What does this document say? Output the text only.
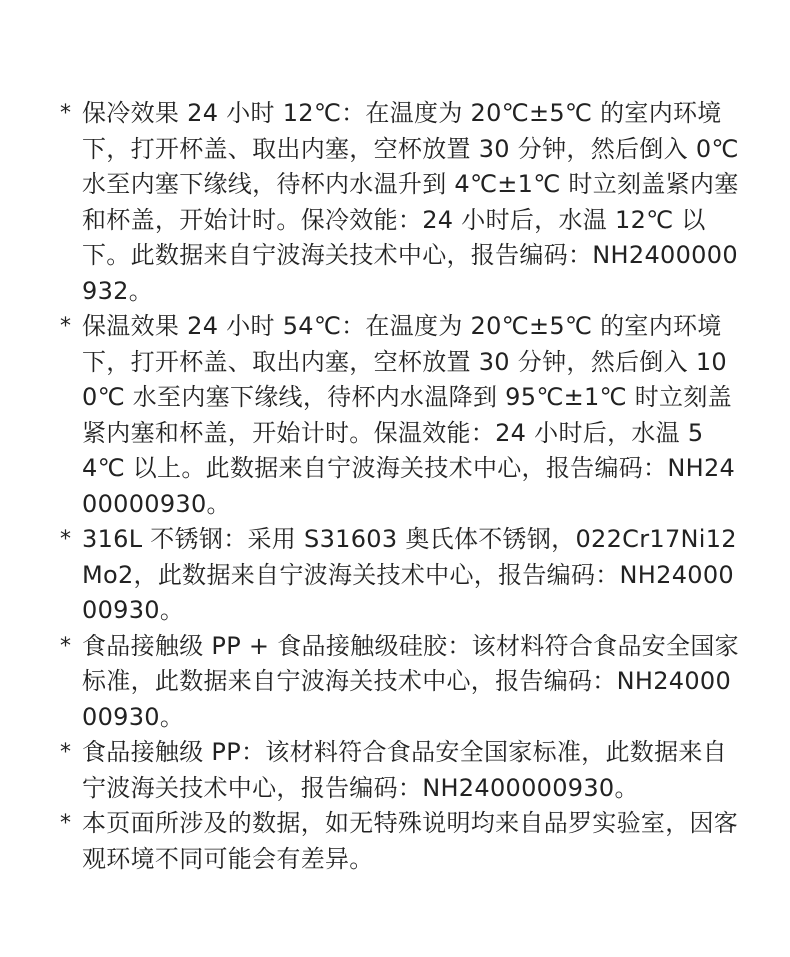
* 保冷效果 24 小时 12℃：在温度为 20℃±5℃ 的室内环境下，打开杯盖、取出内塞，空杯放置 30 分钟，然后倒入 0℃ 水至内塞下缘线，待杯内水温升到 4℃±1℃ 时立刻盖紧内塞和杯盖，开始计时。保冷效能：24 小时后，水温 12℃ 以下。此数据来自宁波海关技术中心，报告编码：NH2400000932。
* 保温效果 24 小时 54℃：在温度为 20℃±5℃ 的室内环境下，打开杯盖、取出内塞，空杯放置 30 分钟，然后倒入 100℃ 水至内塞下缘线，待杯内水温降到 95℃±1℃ 时立刻盖紧内塞和杯盖，开始计时。保温效能：24 小时后，水温 54℃ 以上。此数据来自宁波海关技术中心，报告编码：NH2400000930。
* 316L 不锈钢：采用 S31603 奥氏体不锈钢，022Cr17Ni12Mo2，此数据来自宁波海关技术中心，报告编码：NH2400000930。
* 食品接触级 PP + 食品接触级硅胶：该材料符合食品安全国家标准，此数据来自宁波海关技术中心，报告编码：NH2400000930。
* 食品接触级 PP：该材料符合食品安全国家标准，此数据来自宁波海关技术中心，报告编码：NH2400000930。
* 本页面所涉及的数据，如无特殊说明均来自品罗实验室，因客观环境不同可能会有差异。
